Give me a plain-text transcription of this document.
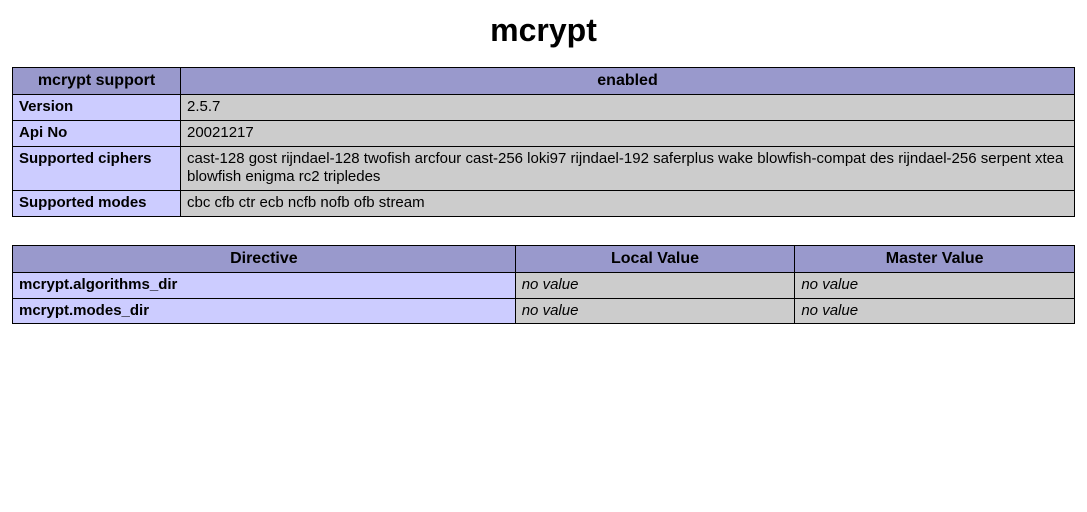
mcrypt
mcrypt support	enabled
Version	2.5.7
Api No	20021217
Supported ciphers	cast-128 gost rijndael-128 twofish arcfour cast-256 loki97 rijndael-192 saferplus wake blowfish-compat des rijndael-256 serpent xtea blowfish enigma rc2 tripledes
Supported modes	cbc cfb ctr ecb ncfb nofb ofb stream
Directive	Local Value	Master Value
mcrypt.algorithms_dir	no value	no value
mcrypt.modes_dir	no value	no value
